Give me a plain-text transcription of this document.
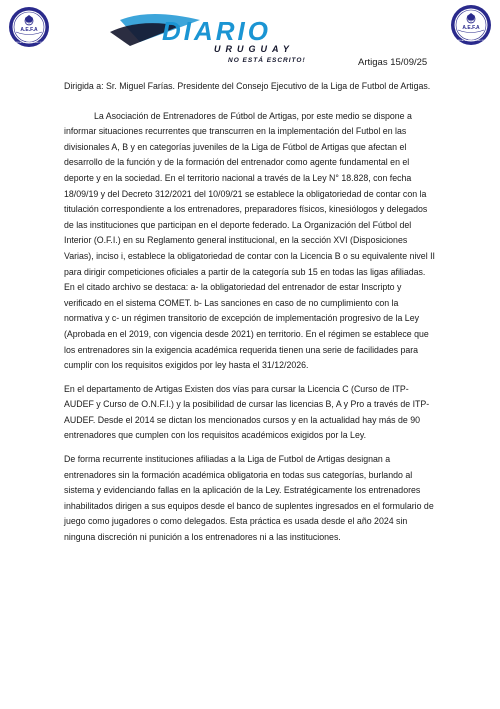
A.E.F.A
FUNDADA - SETIEMBRE 2017	DIARIO
URUGUAY
NO ESTÁ ESCRITO!
A.E.F.A
FUNDADA - SETIEMBRE 2017
Artigas 15/09/25

Dirigida a: Sr. Miguel Farías. Presidente del Consejo Ejecutivo de la Liga de Futbol de Artigas.

La Asociación de Entrenadores de Fútbol de Artigas, por este medio se dispone a informar situaciones recurrentes que transcurren en la implementación del Futbol en las divisionales A, B y en categorías juveniles de la Liga de Fútbol de Artigas que afectan el desarrollo de la función y de la formación del entrenador como agente fundamental en el deporte y en la sociedad. En el territorio nacional a través de la Ley N° 18.828, con fecha 18/09/19 y del Decreto 312/2021 del 10/09/21 se establece la obligatoriedad de contar con la titulación correspondiente a los entrenadores, preparadores físicos, kinesiólogos y delegados de las instituciones que participan en el deporte federado. La Organización del Fútbol del Interior (O.F.I.) en su Reglamento general institucional, en la sección XVI (Disposiciones Varias), inciso i, establece la obligatoriedad de contar con la Licencia B o su equivalente nivel II para dirigir competiciones oficiales a partir de la categoría sub 15 en todas las ligas afiliadas. En el citado archivo se destaca: a- la obligatoriedad del entrenador de estar Inscripto y verificado en el sistema COMET. b- Las sanciones en caso de no cumplimiento con la normativa y c- un régimen transitorio de excepción de implementación progresivo de la Ley (Aprobada en el 2019, con vigencia desde 2021) en territorio. En el régimen se establece que los entrenadores sin la exigencia académica requerida tienen una serie de facilidades para cumplir con los requisitos exigidos por ley hasta el 31/12/2026.

En el departamento de Artigas Existen dos vías para cursar la Licencia C (Curso de ITP-AUDEF y Curso de O.N.F.I.) y la posibilidad de cursar las licencias B, A y Pro a través de ITP-AUDEF. Desde el 2014 se dictan los mencionados cursos y en la actualidad hay más de 90 entrenadores que cumplen con los requisitos académicos exigidos por la Ley.

De forma recurrente instituciones afiliadas a la Liga de Futbol de Artigas designan a entrenadores sin la formación académica obligatoria en todas sus categorías, burlando al sistema y evidenciando fallas en la aplicación de la Ley. Estratégicamente los entrenadores inhabilitados dirigen a sus equipos desde el banco de suplentes ingresados en el formulario de juego como jugadores o como delegados. Esta práctica es usada desde el año 2024 sin ninguna discreción ni punición a los entrenadores ni a las instituciones.
